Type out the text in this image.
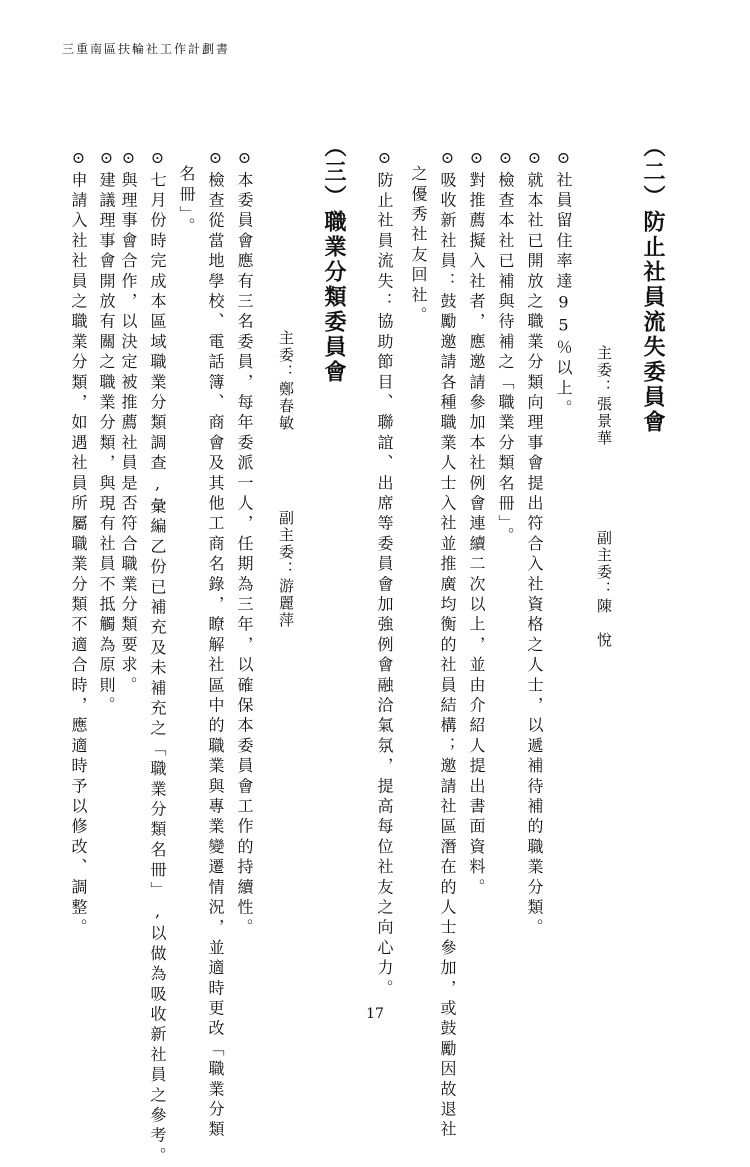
三重南區扶輪社工作計劃書
（二）防止社員流失委員會
主委：張景華
副主委：陳　悅
⊙社員留住率達95％以上。
⊙就本社已開放之職業分類向理事會提出符合入社資格之人士，以遞補待補的職業分類。
⊙檢查本社已補與待補之「職業分類名冊」。
⊙對推薦擬入社者，應邀請參加本社例會連續二次以上，並由介紹人提出書面資料。
⊙吸收新社員：鼓勵邀請各種職業人士入社並推廣均衡的社員結構；邀請社區潛在的人士參加，或鼓勵因故退社
之優秀社友回社。
⊙防止社員流失：協助節目、聯誼、出席等委員會加強例會融洽氣氛，提高每位社友之向心力。
（三）職業分類委員會
主委：鄭春敏
副主委：游麗萍
⊙本委員會應有三名委員，每年委派一人，任期為三年，以確保本委員會工作的持續性。
⊙檢查從當地學校、電話簿、商會及其他工商名錄，瞭解社區中的職業與專業變遷情況，並適時更改「職業分類
名冊」。
⊙七月份時完成本區域職業分類調查,彙編乙份已補充及未補充之「職業分類名冊」,以做為吸收新社員之參考。
⊙與理事會合作，以決定被推薦社員是否符合職業分類要求。
⊙建議理事會開放有關之職業分類，與現有社員不抵觸為原則。
⊙申請入社社員之職業分類，如遇社員所屬職業分類不適合時，應適時予以修改、調整。
17
